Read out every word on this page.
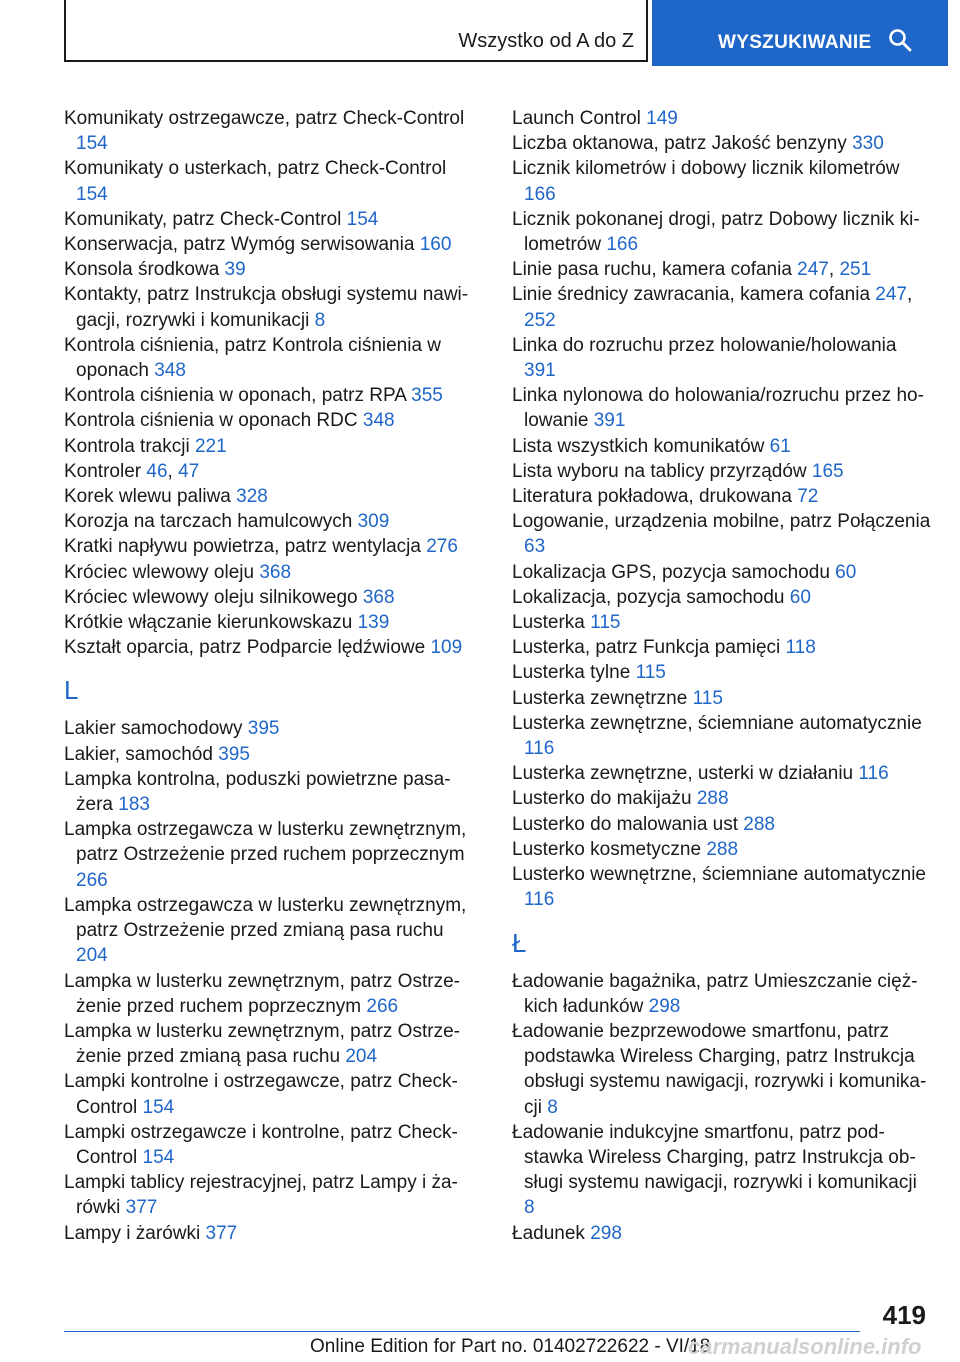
Wszystko od A do Z	WYSZUKIWANIE
Komunikaty ostrzegawcze, patrz Check-Control 154
Komunikaty o usterkach, patrz Check-Control 154
Komunikaty, patrz Check-Control 154
Konserwacja, patrz Wymóg serwisowania 160
Konsola środkowa 39
Kontakty, patrz Instrukcja obsługi systemu nawigacji, rozrywki i komunikacji 8
Kontrola ciśnienia, patrz Kontrola ciśnienia w oponach 348
Kontrola ciśnienia w oponach, patrz RPA 355
Kontrola ciśnienia w oponach RDC 348
Kontrola trakcji 221
Kontroler 46, 47
Korek wlewu paliwa 328
Korozja na tarczach hamulcowych 309
Kratki napływu powietrza, patrz wentylacja 276
Króciec wlewowy oleju 368
Króciec wlewowy oleju silnikowego 368
Krótkie włączanie kierunkowskazu 139
Kształt oparcia, patrz Podparcie lędźwiowe 109
L
Lakier samochodowy 395
Lakier, samochód 395
Lampka kontrolna, poduszki powietrzne pasażera 183
Lampka ostrzegawcza w lusterku zewnętrznym, patrz Ostrzeżenie przed ruchem poprzecznym 266
Lampka ostrzegawcza w lusterku zewnętrznym, patrz Ostrzeżenie przed zmianą pasa ruchu 204
Lampka w lusterku zewnętrznym, patrz Ostrzeżenie przed ruchem poprzecznym 266
Lampka w lusterku zewnętrznym, patrz Ostrzeżenie przed zmianą pasa ruchu 204
Lampki kontrolne i ostrzegawcze, patrz Check-Control 154
Lampki ostrzegawcze i kontrolne, patrz Check-Control 154
Lampki tablicy rejestracyjnej, patrz Lampy i żarówki 377
Lampy i żarówki 377
Launch Control 149
Liczba oktanowa, patrz Jakość benzyny 330
Licznik kilometrów i dobowy licznik kilometrów 166
Licznik pokonanej drogi, patrz Dobowy licznik kilometrów 166
Linie pasa ruchu, kamera cofania 247, 251
Linie średnicy zawracania, kamera cofania 247, 252
Linka do rozruchu przez holowanie/holowania 391
Linka nylonowa do holowania/rozruchu przez holowanie 391
Lista wszystkich komunikatów 61
Lista wyboru na tablicy przyrządów 165
Literatura pokładowa, drukowana 72
Logowanie, urządzenia mobilne, patrz Połączenia 63
Lokalizacja GPS, pozycja samochodu 60
Lokalizacja, pozycja samochodu 60
Lusterka 115
Lusterka, patrz Funkcja pamięci 118
Lusterka tylne 115
Lusterka zewnętrzne 115
Lusterka zewnętrzne, ściemniane automatycznie 116
Lusterka zewnętrzne, usterki w działaniu 116
Lusterko do makijażu 288
Lusterko do malowania ust 288
Lusterko kosmetyczne 288
Lusterko wewnętrzne, ściemniane automatycznie 116
Ł
Ładowanie bagażnika, patrz Umieszczanie ciężkich ładunków 298
Ładowanie bezprzewodowe smartfonu, patrz podstawka Wireless Charging, patrz Instrukcja obsługi systemu nawigacji, rozrywki i komunikacji 8
Ładowanie indukcyjne smartfonu, patrz podstawka Wireless Charging, patrz Instrukcja obsługi systemu nawigacji, rozrywki i komunikacji 8
Ładunek 298
419
Online Edition for Part no. 01402722622 - VI/18
carmanualsonline.info
